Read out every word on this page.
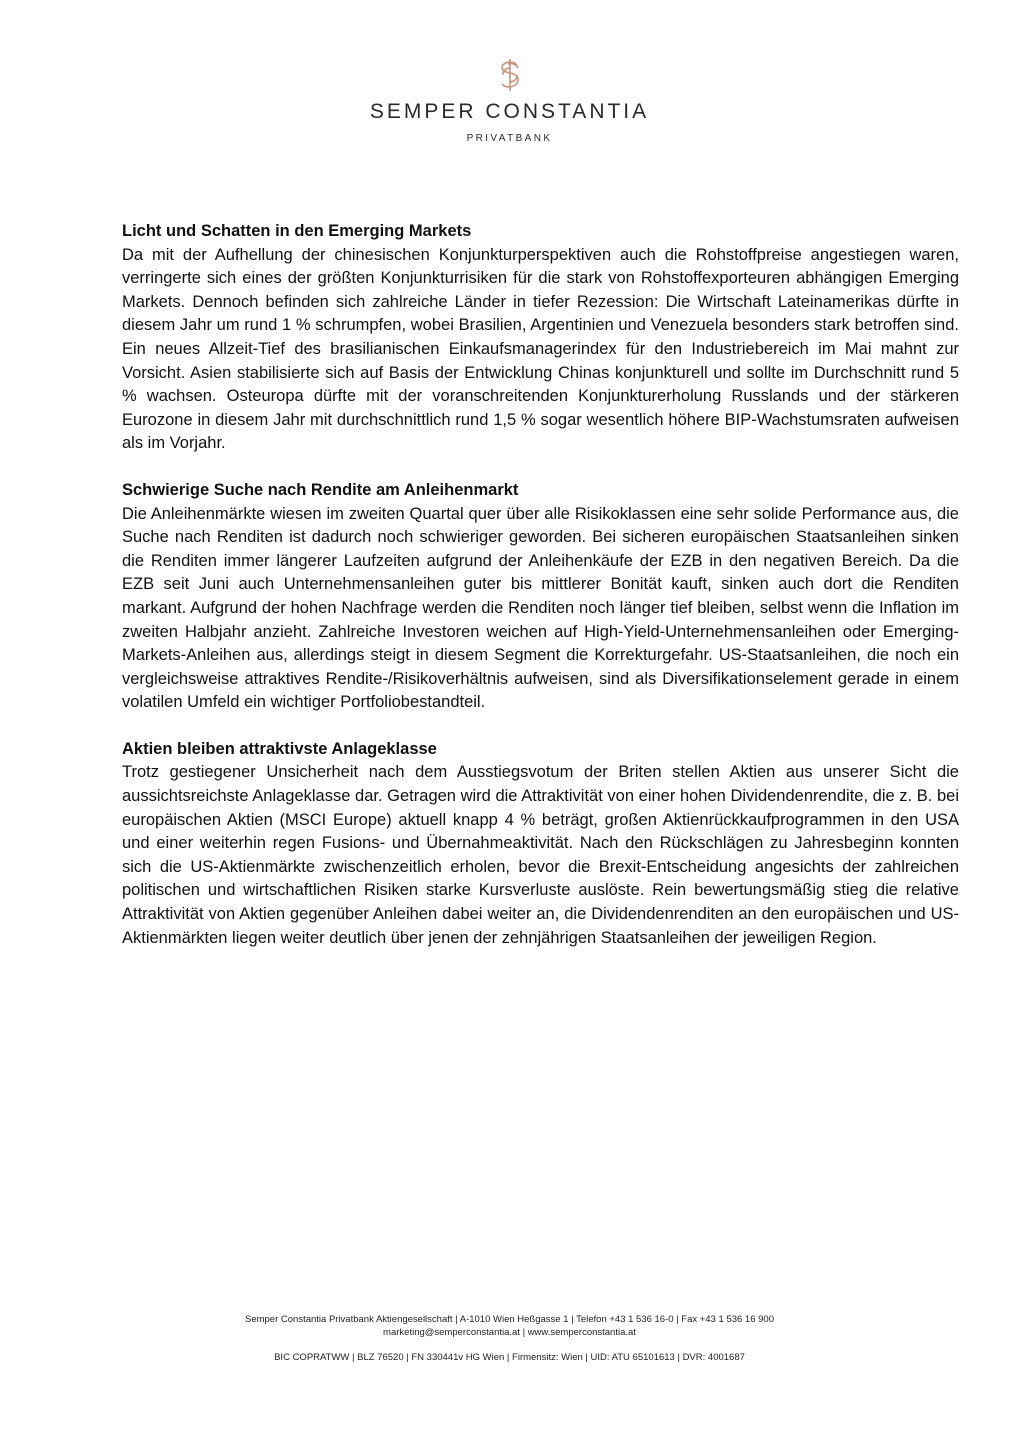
SEMPER CONSTANTIA
PRIVATBANK
Licht und Schatten in den Emerging Markets

Da mit der Aufhellung der chinesischen Konjunkturperspektiven auch die Rohstoffpreise angestiegen waren, verringerte sich eines der größten Konjunkturrisiken für die stark von Rohstoffexporteuren abhängigen Emerging Markets. Dennoch befinden sich zahlreiche Länder in tiefer Rezession: Die Wirtschaft Lateinamerikas dürfte in diesem Jahr um rund 1 % schrumpfen, wobei Brasilien, Argentinien und Venezuela besonders stark betroffen sind. Ein neues Allzeit-Tief des brasilianischen Einkaufsmanagerindex für den Industriebereich im Mai mahnt zur Vorsicht. Asien stabilisierte sich auf Basis der Entwicklung Chinas konjunkturell und sollte im Durchschnitt rund 5 % wachsen. Osteuropa dürfte mit der voranschreitenden Konjunkturerholung Russlands und der stärkeren Eurozone in diesem Jahr mit durchschnittlich rund 1,5 % sogar wesentlich höhere BIP-Wachstumsraten aufweisen als im Vorjahr.

Schwierige Suche nach Rendite am Anleihenmarkt

Die Anleihenmärkte wiesen im zweiten Quartal quer über alle Risikoklassen eine sehr solide Performance aus, die Suche nach Renditen ist dadurch noch schwieriger geworden. Bei sicheren europäischen Staatsanleihen sinken die Renditen immer längerer Laufzeiten aufgrund der Anleihenkäufe der EZB in den negativen Bereich. Da die EZB seit Juni auch Unternehmensanleihen guter bis mittlerer Bonität kauft, sinken auch dort die Renditen markant. Aufgrund der hohen Nachfrage werden die Renditen noch länger tief bleiben, selbst wenn die Inflation im zweiten Halbjahr anzieht. Zahlreiche Investoren weichen auf High-Yield-Unternehmensanleihen oder Emerging-Markets-Anleihen aus, allerdings steigt in diesem Segment die Korrekturgefahr. US-Staatsanleihen, die noch ein vergleichsweise attraktives Rendite-/Risikoverhältnis aufweisen, sind als Diversifikationselement gerade in einem volatilen Umfeld ein wichtiger Portfoliobestandteil.

Aktien bleiben attraktivste Anlageklasse

Trotz gestiegener Unsicherheit nach dem Ausstiegsvotum der Briten stellen Aktien aus unserer Sicht die aussichtsreichste Anlageklasse dar. Getragen wird die Attraktivität von einer hohen Dividendenrendite, die z. B. bei europäischen Aktien (MSCI Europe) aktuell knapp 4 % beträgt, großen Aktienrückkaufprogrammen in den USA und einer weiterhin regen Fusions- und Übernahmeaktivität. Nach den Rückschlägen zu Jahresbeginn konnten sich die US-Aktienmärkte zwischenzeitlich erholen, bevor die Brexit-Entscheidung angesichts der zahlreichen politischen und wirtschaftlichen Risiken starke Kursverluste auslöste. Rein bewertungsmäßig stieg die relative Attraktivität von Aktien gegenüber Anleihen dabei weiter an, die Dividendenrenditen an den europäischen und US-Aktienmärkten liegen weiter deutlich über jenen der zehnjährigen Staatsanleihen der jeweiligen Region.

Semper Constantia Privatbank Aktiengesellschaft | A-1010 Wien Heßgasse 1 | Telefon +43 1 536 16-0 | Fax +43 1 536 16 900
marketing@semperconstantia.at | www.semperconstantia.at
BIC COPRATWW | BLZ 76520 | FN 330441v HG Wien | Firmensitz: Wien | UID: ATU 65101613 | DVR: 4001687
